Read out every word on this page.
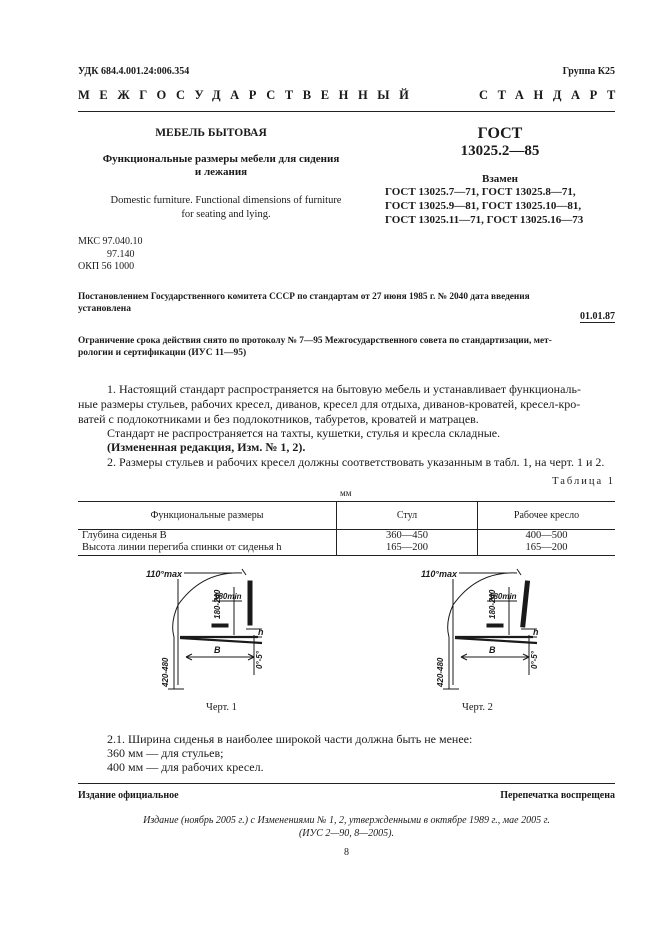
УДК 684.4.001.24:006.354	Группа К25
МЕЖГОСУДАРСТВЕННЫЙ	СТАНДАРТ
МЕБЕЛЬ БЫТОВАЯ
Функциональные размеры мебели для сидения
и лежания
Domestic furniture. Functional dimensions of furniture
for seating and lying.
МКС 97.040.10
97.140
ОКП 56 1000
ГОСТ
13025.2—85
Взамен
ГОСТ 13025.7—71, ГОСТ 13025.8—71,
ГОСТ 13025.9—81, ГОСТ 13025.10—81,
ГОСТ 13025.11—71, ГОСТ 13025.16—73
Постановлением Государственного комитета СССР по стандартам от 27 июня 1985 г. № 2040 дата введения
установлена
01.01.87
Ограничение срока действия снято по протоколу № 7—95 Межгосударственного совета по стандартизации, мет-
рологии и сертификации (ИУС 11—95)
1. Настоящий стандарт распространяется на бытовую мебель и устанавливает функциональ-
ные размеры стульев, рабочих кресел, диванов, кресел для отдыха, диванов-кроватей, кресел-кро-
ватей с подлокотниками и без подлокотников, табуретов, кроватей и матрацев.
Стандарт не распространяется на тахты, кушетки, стулья и кресла складные.
(Измененная редакция, Изм. № 1, 2).
2. Размеры стульев и рабочих кресел должны соответствовать указанным в табл. 1, на черт. 1 и 2.
Таблица 1
мм
Функциональные размеры	Стул	Рабочее кресло
Глубина сиденья B	360—450	400—500
Высота линии перегиба спинки от сиденья h	165—200	165—200
110°max
180-240
180min
B
h
0°-5°
420-480
Черт. 1
110°max
180-240
180min
B
h
0°-5°
420-480
Черт. 2
2.1. Ширина сиденья в наиболее широкой части должна быть не менее:
360 мм — для стульев;
400 мм — для рабочих кресел.
Издание официальное	Перепечатка воспрещена
Издание (ноябрь 2005 г.) с Изменениями № 1, 2, утвержденными в октябре 1989 г., мае 2005 г.
(ИУС 2—90, 8—2005).
8
